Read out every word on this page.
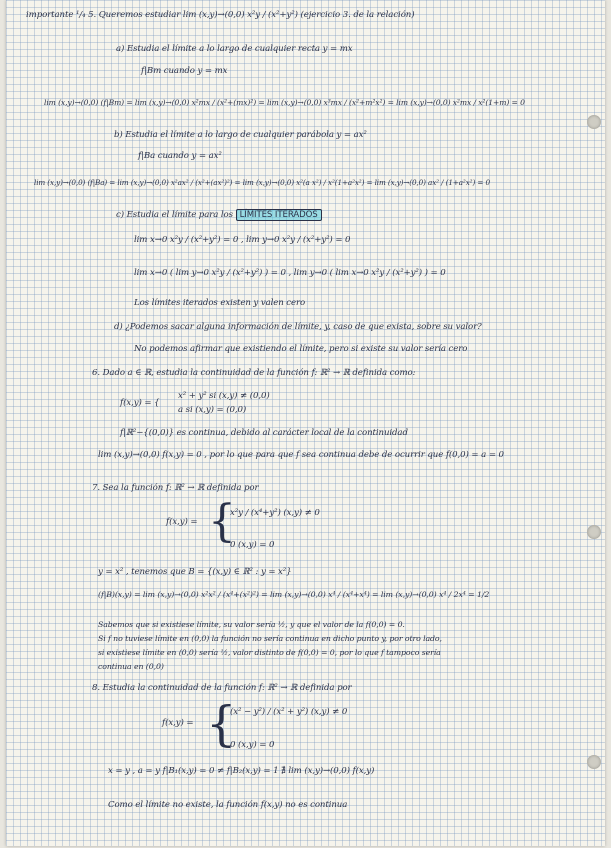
importante ¹/₄ 5. Queremos estudiar lim (x,y)→(0,0) x²y / (x²+y²) (ejercicio 3. de la relación)
a) Estudia el límite a lo largo de cualquier recta y = mx
f|Bm cuando y = mx
lim (x,y)→(0,0) (f|Bm) = lim (x,y)→(0,0) x²mx / (x²+(mx)²) = lim (x,y)→(0,0) x³mx / (x²+m²x²) = lim (x,y)→(0,0) x²mx / x²(1+m) = 0
b) Estudia el límite a lo largo de cualquier parábola y = ax²
f|Ba cuando y = ax²
lim (x,y)→(0,0) (f|Ba) = lim (x,y)→(0,0) x²ax² / (x²+(ax²)²) = lim (x,y)→(0,0) x²(a x²) / x²(1+a²x²) = lim (x,y)→(0,0) ax² / (1+a²x²) = 0
c) Estudia el límite para los LÍMITES ITERADOS
lim x→0 x²y / (x²+y²) = 0 , lim y→0 x²y / (x²+y²) = 0
lim x→0 ( lim y→0 x²y / (x²+y²) ) = 0 , lim y→0 ( lim x→0 x²y / (x²+y²) ) = 0
Los límites iterados existen y valen cero
d) ¿Podemos sacar alguna información de límite, y, caso de que exista, sobre su valor?
No podemos afirmar que existiendo el límite, pero si existe su valor sería cero
6. Dado a ∈ ℝ, estudia la continuidad de la función f: ℝ² → ℝ definida como:
f(x,y) = {
x² + y² si (x,y) ≠ (0,0)
a si (x,y) = (0,0)
f|ℝ²−{(0,0)} es continua, debido al carácter local de la continuidad
lim (x,y)→(0,0) f(x,y) = 0 , por lo que para que f sea continua debe de ocurrir que f(0,0) = a = 0
7. Sea la función f: ℝ² → ℝ definida por
f(x,y) = {
x²y / (x⁴+y²) (x,y) ≠ 0
0 (x,y) = 0
y = x² , tenemos que B = {(x,y) ∈ ℝ² : y = x²}
(f|B)(x,y) = lim (x,y)→(0,0) x²x² / (x⁴+(x²)²) = lim (x,y)→(0,0) x⁴ / (x⁴+x⁴) = lim (x,y)→(0,0) x⁴ / 2x⁴ = 1/2
Sabemos que si existiese límite, su valor sería ½, y que el valor de la f(0,0) = 0.
Si f no tuviese límite en (0,0) la función no sería continua en dicho punto y, por otro lado,
si existiese límite en (0,0) sería ½, valor distinto de f(0,0) = 0, por lo que f tampoco sería
continua en (0,0)
8. Estudia la continuidad de la función f: ℝ² → ℝ definida por
f(x,y) = {
(x² − y²) / (x² + y²) (x,y) ≠ 0
0 (x,y) = 0
x = y , a = y f|B₁(x,y) = 0 ≠ f|B₂(x,y) = 1 ∄ lim (x,y)→(0,0) f(x,y)
Como el límite no existe, la función f(x,y) no es continua
